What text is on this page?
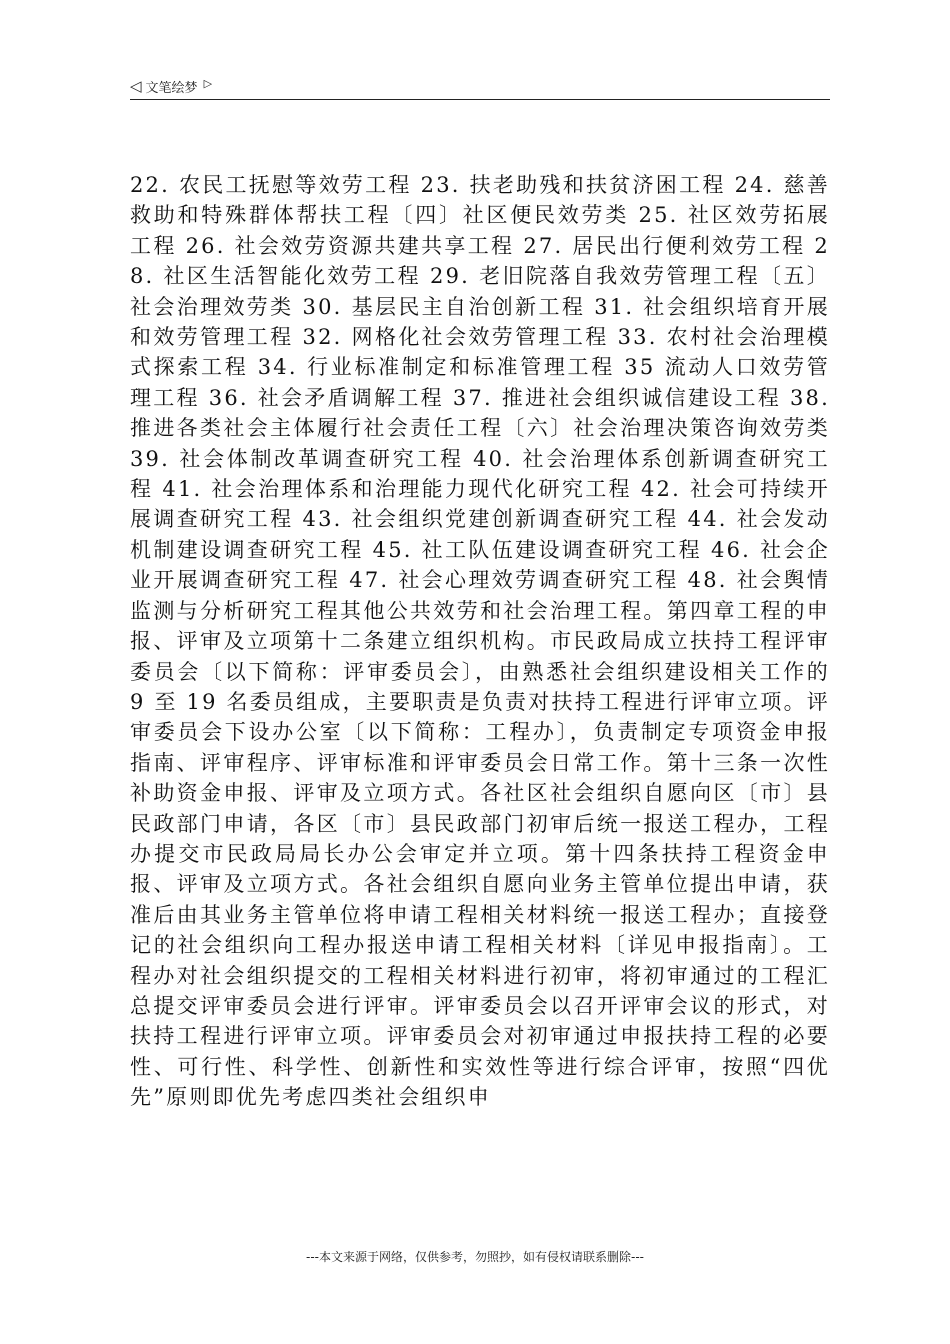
◁ 文笔绘梦 ▷

22. 农民工抚慰等效劳工程 23. 扶老助残和扶贫济困工程 24. 慈善救助和特殊群体帮扶工程〔四〕社区便民效劳类 25. 社区效劳拓展工程 26. 社会效劳资源共建共享工程 27. 居民出行便利效劳工程 28. 社区生活智能化效劳工程 29. 老旧院落自我效劳管理工程〔五〕社会治理效劳类 30. 基层民主自治创新工程 31. 社会组织培育开展和效劳管理工程 32. 网格化社会效劳管理工程 33. 农村社会治理模式探索工程 34. 行业标准制定和标准管理工程 35 流动人口效劳管理工程 36. 社会矛盾调解工程 37. 推进社会组织诚信建设工程 38. 推进各类社会主体履行社会责任工程〔六〕社会治理决策咨询效劳类 39. 社会体制改革调查研究工程 40. 社会治理体系创新调查研究工程 41. 社会治理体系和治理能力现代化研究工程 42. 社会可持续开展调查研究工程 43. 社会组织党建创新调查研究工程 44. 社会发动机制建设调查研究工程 45. 社工队伍建设调查研究工程 46. 社会企业开展调查研究工程 47. 社会心理效劳调查研究工程 48. 社会舆情监测与分析研究工程其他公共效劳和社会治理工程。第四章工程的申报、评审及立项第十二条建立组织机构。市民政局成立扶持工程评审委员会〔以下简称：评审委员会〕，由熟悉社会组织建设相关工作的 9 至 19 名委员组成，主要职责是负责对扶持工程进行评审立项。评审委员会下设办公室〔以下简称：工程办〕，负责制定专项资金申报指南、评审程序、评审标准和评审委员会日常工作。第十三条一次性补助资金申报、评审及立项方式。各社区社会组织自愿向区〔市〕县民政部门申请，各区〔市〕县民政部门初审后统一报送工程办，工程办提交市民政局局长办公会审定并立项。第十四条扶持工程资金申报、评审及立项方式。各社会组织自愿向业务主管单位提出申请，获准后由其业务主管单位将申请工程相关材料统一报送工程办；直接登记的社会组织向工程办报送申请工程相关材料〔详见申报指南〕。工程办对社会组织提交的工程相关材料进行初审，将初审通过的工程汇总提交评审委员会进行评审。评审委员会以召开评审会议的形式，对扶持工程进行评审立项。评审委员会对初审通过申报扶持工程的必要性、可行性、科学性、创新性和实效性等进行综合评审，按照“四优先”原则即优先考虑四类社会组织申

---本文来源于网络，仅供参考，勿照抄，如有侵权请联系删除---
